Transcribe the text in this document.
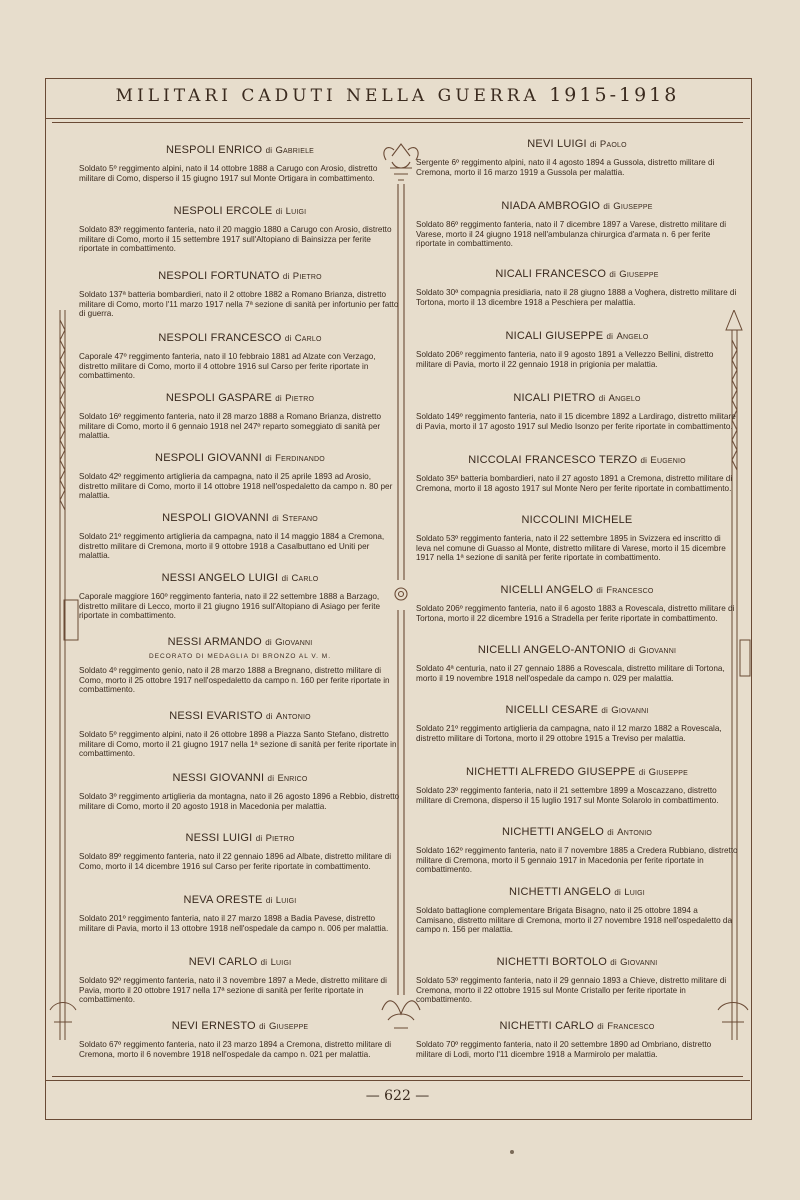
MILITARI CADUTI NELLA GUERRA 1915-1918
NESPOLI ENRICO di Gabriele
Soldato 5º reggimento alpini, nato il 14 ottobre 1888 a Carugo con Arosio, distretto militare di Como, disperso il 15 giugno 1917 sul Monte Ortigara in combattimento.
NESPOLI ERCOLE di Luigi
Soldato 83º reggimento fanteria, nato il 20 maggio 1880 a Carugo con Arosio, distretto militare di Como, morto il 15 settembre 1917 sull'Altopiano di Bainsizza per ferite riportate in combattimento.
NESPOLI FORTUNATO di Pietro
Soldato 137ª batteria bombardieri, nato il 2 ottobre 1882 a Romano Brianza, distretto militare di Como, morto l'11 marzo 1917 nella 7ª sezione di sanità per infortunio per fatto di guerra.
NESPOLI FRANCESCO di Carlo
Caporale 47º reggimento fanteria, nato il 10 febbraio 1881 ad Alzate con Verzago, distretto militare di Como, morto il 4 ottobre 1916 sul Carso per ferite riportate in combattimento.
NESPOLI GASPARE di Pietro
Soldato 16º reggimento fanteria, nato il 28 marzo 1888 a Romano Brianza, distretto militare di Como, morto il 6 gennaio 1918 nel 247º reparto someggiato di sanità per malattia.
NESPOLI GIOVANNI di Ferdinando
Soldato 42º reggimento artiglieria da campagna, nato il 25 aprile 1893 ad Arosio, distretto militare di Como, morto il 14 ottobre 1918 nell'ospedaletto da campo n. 80 per malattia.
NESPOLI GIOVANNI di Stefano
Soldato 21º reggimento artiglieria da campagna, nato il 14 maggio 1884 a Cremona, distretto militare di Cremona, morto il 9 ottobre 1918 a Casalbuttano ed Uniti per malattia.
NESSI ANGELO LUIGI di Carlo
Caporale maggiore 160º reggimento fanteria, nato il 22 settembre 1888 a Barzago, distretto militare di Lecco, morto il 21 giugno 1916 sull'Altopiano di Asiago per ferite riportate in combattimento.
NESSI ARMANDO di Giovanni
DECORATO DI MEDAGLIA DI BRONZO AL V. M.
Soldato 4º reggimento genio, nato il 28 marzo 1888 a Bregnano, distretto militare di Como, morto il 25 ottobre 1917 nell'ospedaletto da campo n. 160 per ferite riportate in combattimento.
NESSI EVARISTO di Antonio
Soldato 5º reggimento alpini, nato il 26 ottobre 1898 a Piazza Santo Stefano, distretto militare di Como, morto il 21 giugno 1917 nella 1ª sezione di sanità per ferite riportate in combattimento.
NESSI GIOVANNI di Enrico
Soldato 3º reggimento artiglieria da montagna, nato il 26 agosto 1896 a Rebbio, distretto militare di Como, morto il 20 agosto 1918 in Macedonia per malattia.
NESSI LUIGI di Pietro
Soldato 89º reggimento fanteria, nato il 22 gennaio 1896 ad Albate, distretto militare di Como, morto il 14 dicembre 1916 sul Carso per ferite riportate in combattimento.
NEVA ORESTE di Luigi
Soldato 201º reggimento fanteria, nato il 27 marzo 1898 a Badia Pavese, distretto militare di Pavia, morto il 13 ottobre 1918 nell'ospedale da campo n. 006 per malattia.
NEVI CARLO di Luigi
Soldato 92º reggimento fanteria, nato il 3 novembre 1897 a Mede, distretto militare di Pavia, morto il 20 ottobre 1917 nella 17ª sezione di sanità per ferite riportate in combattimento.
NEVI ERNESTO di Giuseppe
Soldato 67º reggimento fanteria, nato il 23 marzo 1894 a Cremona, distretto militare di Cremona, morto il 6 novembre 1918 nell'ospedale da campo n. 021 per malattia.
NEVI LUIGI di Paolo
Sergente 6º reggimento alpini, nato il 4 agosto 1894 a Gussola, distretto militare di Cremona, morto il 16 marzo 1919 a Gussola per malattia.
NIADA AMBROGIO di Giuseppe
Soldato 86º reggimento fanteria, nato il 7 dicembre 1897 a Varese, distretto militare di Varese, morto il 24 giugno 1918 nell'ambulanza chirurgica d'armata n. 6 per ferite riportate in combattimento.
NICALI FRANCESCO di Giuseppe
Soldato 30ª compagnia presidiaria, nato il 28 giugno 1888 a Voghera, distretto militare di Tortona, morto il 13 dicembre 1918 a Peschiera per malattia.
NICALI GIUSEPPE di Angelo
Soldato 206º reggimento fanteria, nato il 9 agosto 1891 a Vellezzo Bellini, distretto militare di Pavia, morto il 22 gennaio 1918 in prigionia per malattia.
NICALI PIETRO di Angelo
Soldato 149º reggimento fanteria, nato il 15 dicembre 1892 a Lardirago, distretto militare di Pavia, morto il 17 agosto 1917 sul Medio Isonzo per ferite riportate in combattimento.
NICCOLAI FRANCESCO TERZO di Eugenio
Soldato 35ª batteria bombardieri, nato il 27 agosto 1891 a Cremona, distretto militare di Cremona, morto il 18 agosto 1917 sul Monte Nero per ferite riportate in combattimento.
NICCOLINI MICHELE
Soldato 53º reggimento fanteria, nato il 22 settembre 1895 in Svizzera ed inscritto di leva nel comune di Guasso al Monte, distretto militare di Varese, morto il 15 dicembre 1917 nella 1ª sezione di sanità per ferite riportate in combattimento.
NICELLI ANGELO di Francesco
Soldato 206º reggimento fanteria, nato il 6 agosto 1883 a Rovescala, distretto militare di Tortona, morto il 22 dicembre 1916 a Stradella per ferite riportate in combattimento.
NICELLI ANGELO-ANTONIO di Giovanni
Soldato 4ª centuria, nato il 27 gennaio 1886 a Rovescala, distretto militare di Tortona, morto il 19 novembre 1918 nell'ospedale da campo n. 029 per malattia.
NICELLI CESARE di Giovanni
Soldato 21º reggimento artiglieria da campagna, nato il 12 marzo 1882 a Rovescala, distretto militare di Tortona, morto il 29 ottobre 1915 a Treviso per malattia.
NICHETTI ALFREDO GIUSEPPE di Giuseppe
Soldato 23º reggimento fanteria, nato il 21 settembre 1899 a Moscazzano, distretto militare di Cremona, disperso il 15 luglio 1917 sul Monte Solarolo in combattimento.
NICHETTI ANGELO di Antonio
Soldato 162º reggimento fanteria, nato il 7 novembre 1885 a Credera Rubbiano, distretto militare di Cremona, morto il 5 gennaio 1917 in Macedonia per ferite riportate in combattimento.
NICHETTI ANGELO di Luigi
Soldato battaglione complementare Brigata Bisagno, nato il 25 ottobre 1894 a Camisano, distretto militare di Cremona, morto il 27 novembre 1918 nell'ospedaletto da campo n. 156 per malattia.
NICHETTI BORTOLO di Giovanni
Soldato 53º reggimento fanteria, nato il 29 gennaio 1893 a Chieve, distretto militare di Cremona, morto il 22 ottobre 1915 sul Monte Cristallo per ferite riportate in combattimento.
NICHETTI CARLO di Francesco
Soldato 70º reggimento fanteria, nato il 20 settembre 1890 ad Ombriano, distretto militare di Lodi, morto l'11 dicembre 1918 a Marmirolo per malattia.
— 622 —
